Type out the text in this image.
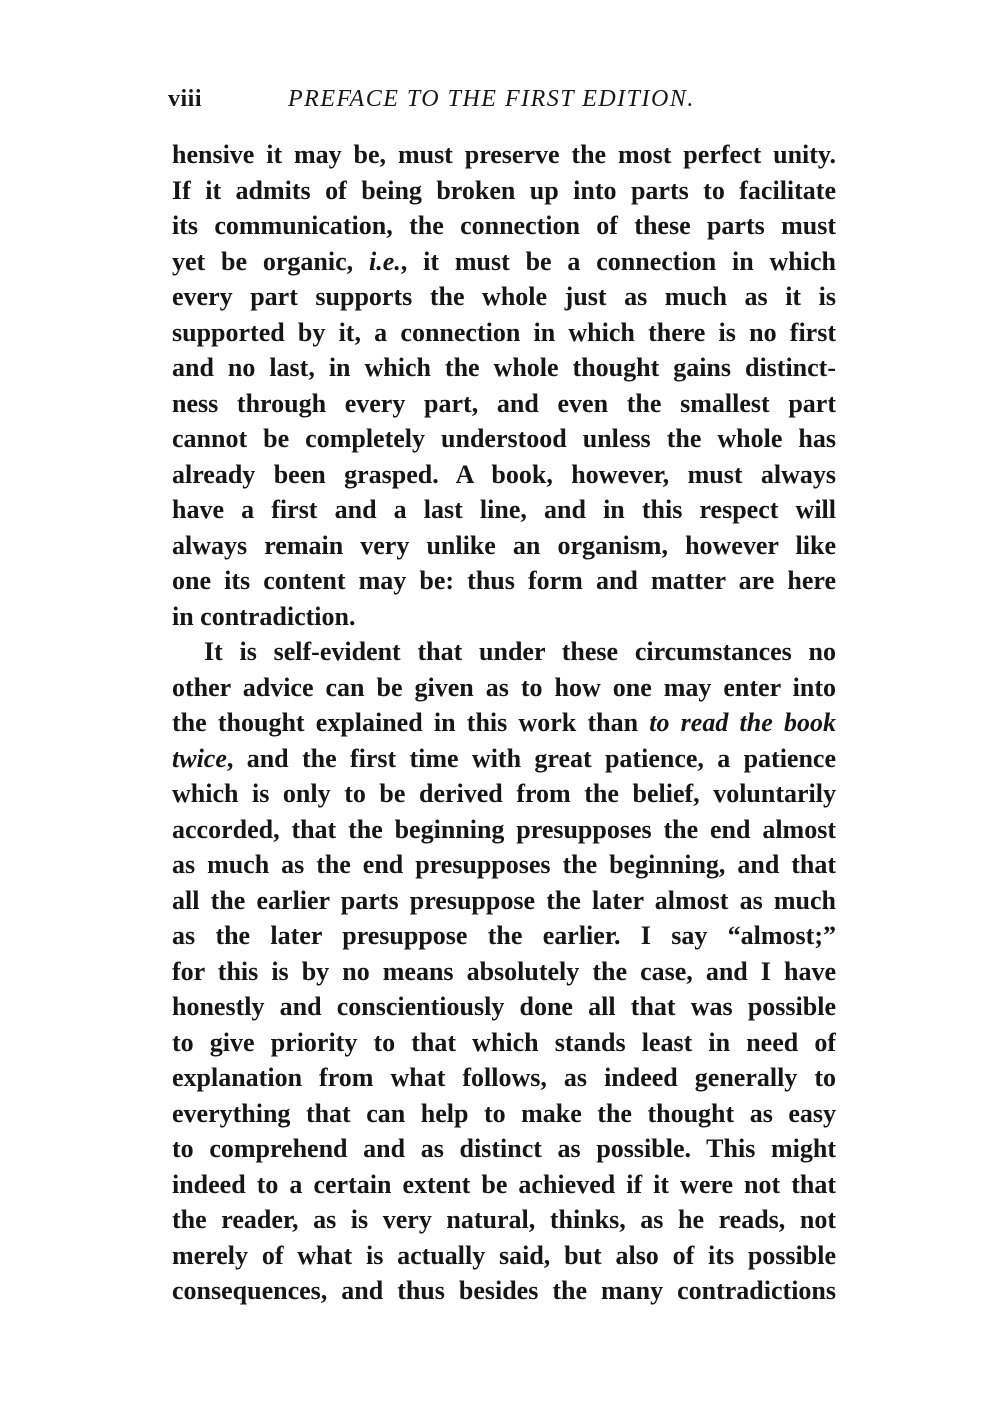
viii	PREFACE TO THE FIRST EDITION.
hensive it may be, must preserve the most perfect unity.
If it admits of being broken up into parts to facilitate
its communication, the connection of these parts must
yet be organic, i.e., it must be a connection in which
every part supports the whole just as much as it is
supported by it, a connection in which there is no first
and no last, in which the whole thought gains distinct-
ness through every part, and even the smallest part
cannot be completely understood unless the whole has
already been grasped. A book, however, must always
have a first and a last line, and in this respect will
always remain very unlike an organism, however like
one its content may be: thus form and matter are here
in contradiction.
It is self-evident that under these circumstances no
other advice can be given as to how one may enter into
the thought explained in this work than to read the book
twice, and the first time with great patience, a patience
which is only to be derived from the belief, voluntarily
accorded, that the beginning presupposes the end almost
as much as the end presupposes the beginning, and that
all the earlier parts presuppose the later almost as much
as the later presuppose the earlier. I say “almost;”
for this is by no means absolutely the case, and I have
honestly and conscientiously done all that was possible
to give priority to that which stands least in need of
explanation from what follows, as indeed generally to
everything that can help to make the thought as easy
to comprehend and as distinct as possible. This might
indeed to a certain extent be achieved if it were not that
the reader, as is very natural, thinks, as he reads, not
merely of what is actually said, but also of its possible
consequences, and thus besides the many contradictions
